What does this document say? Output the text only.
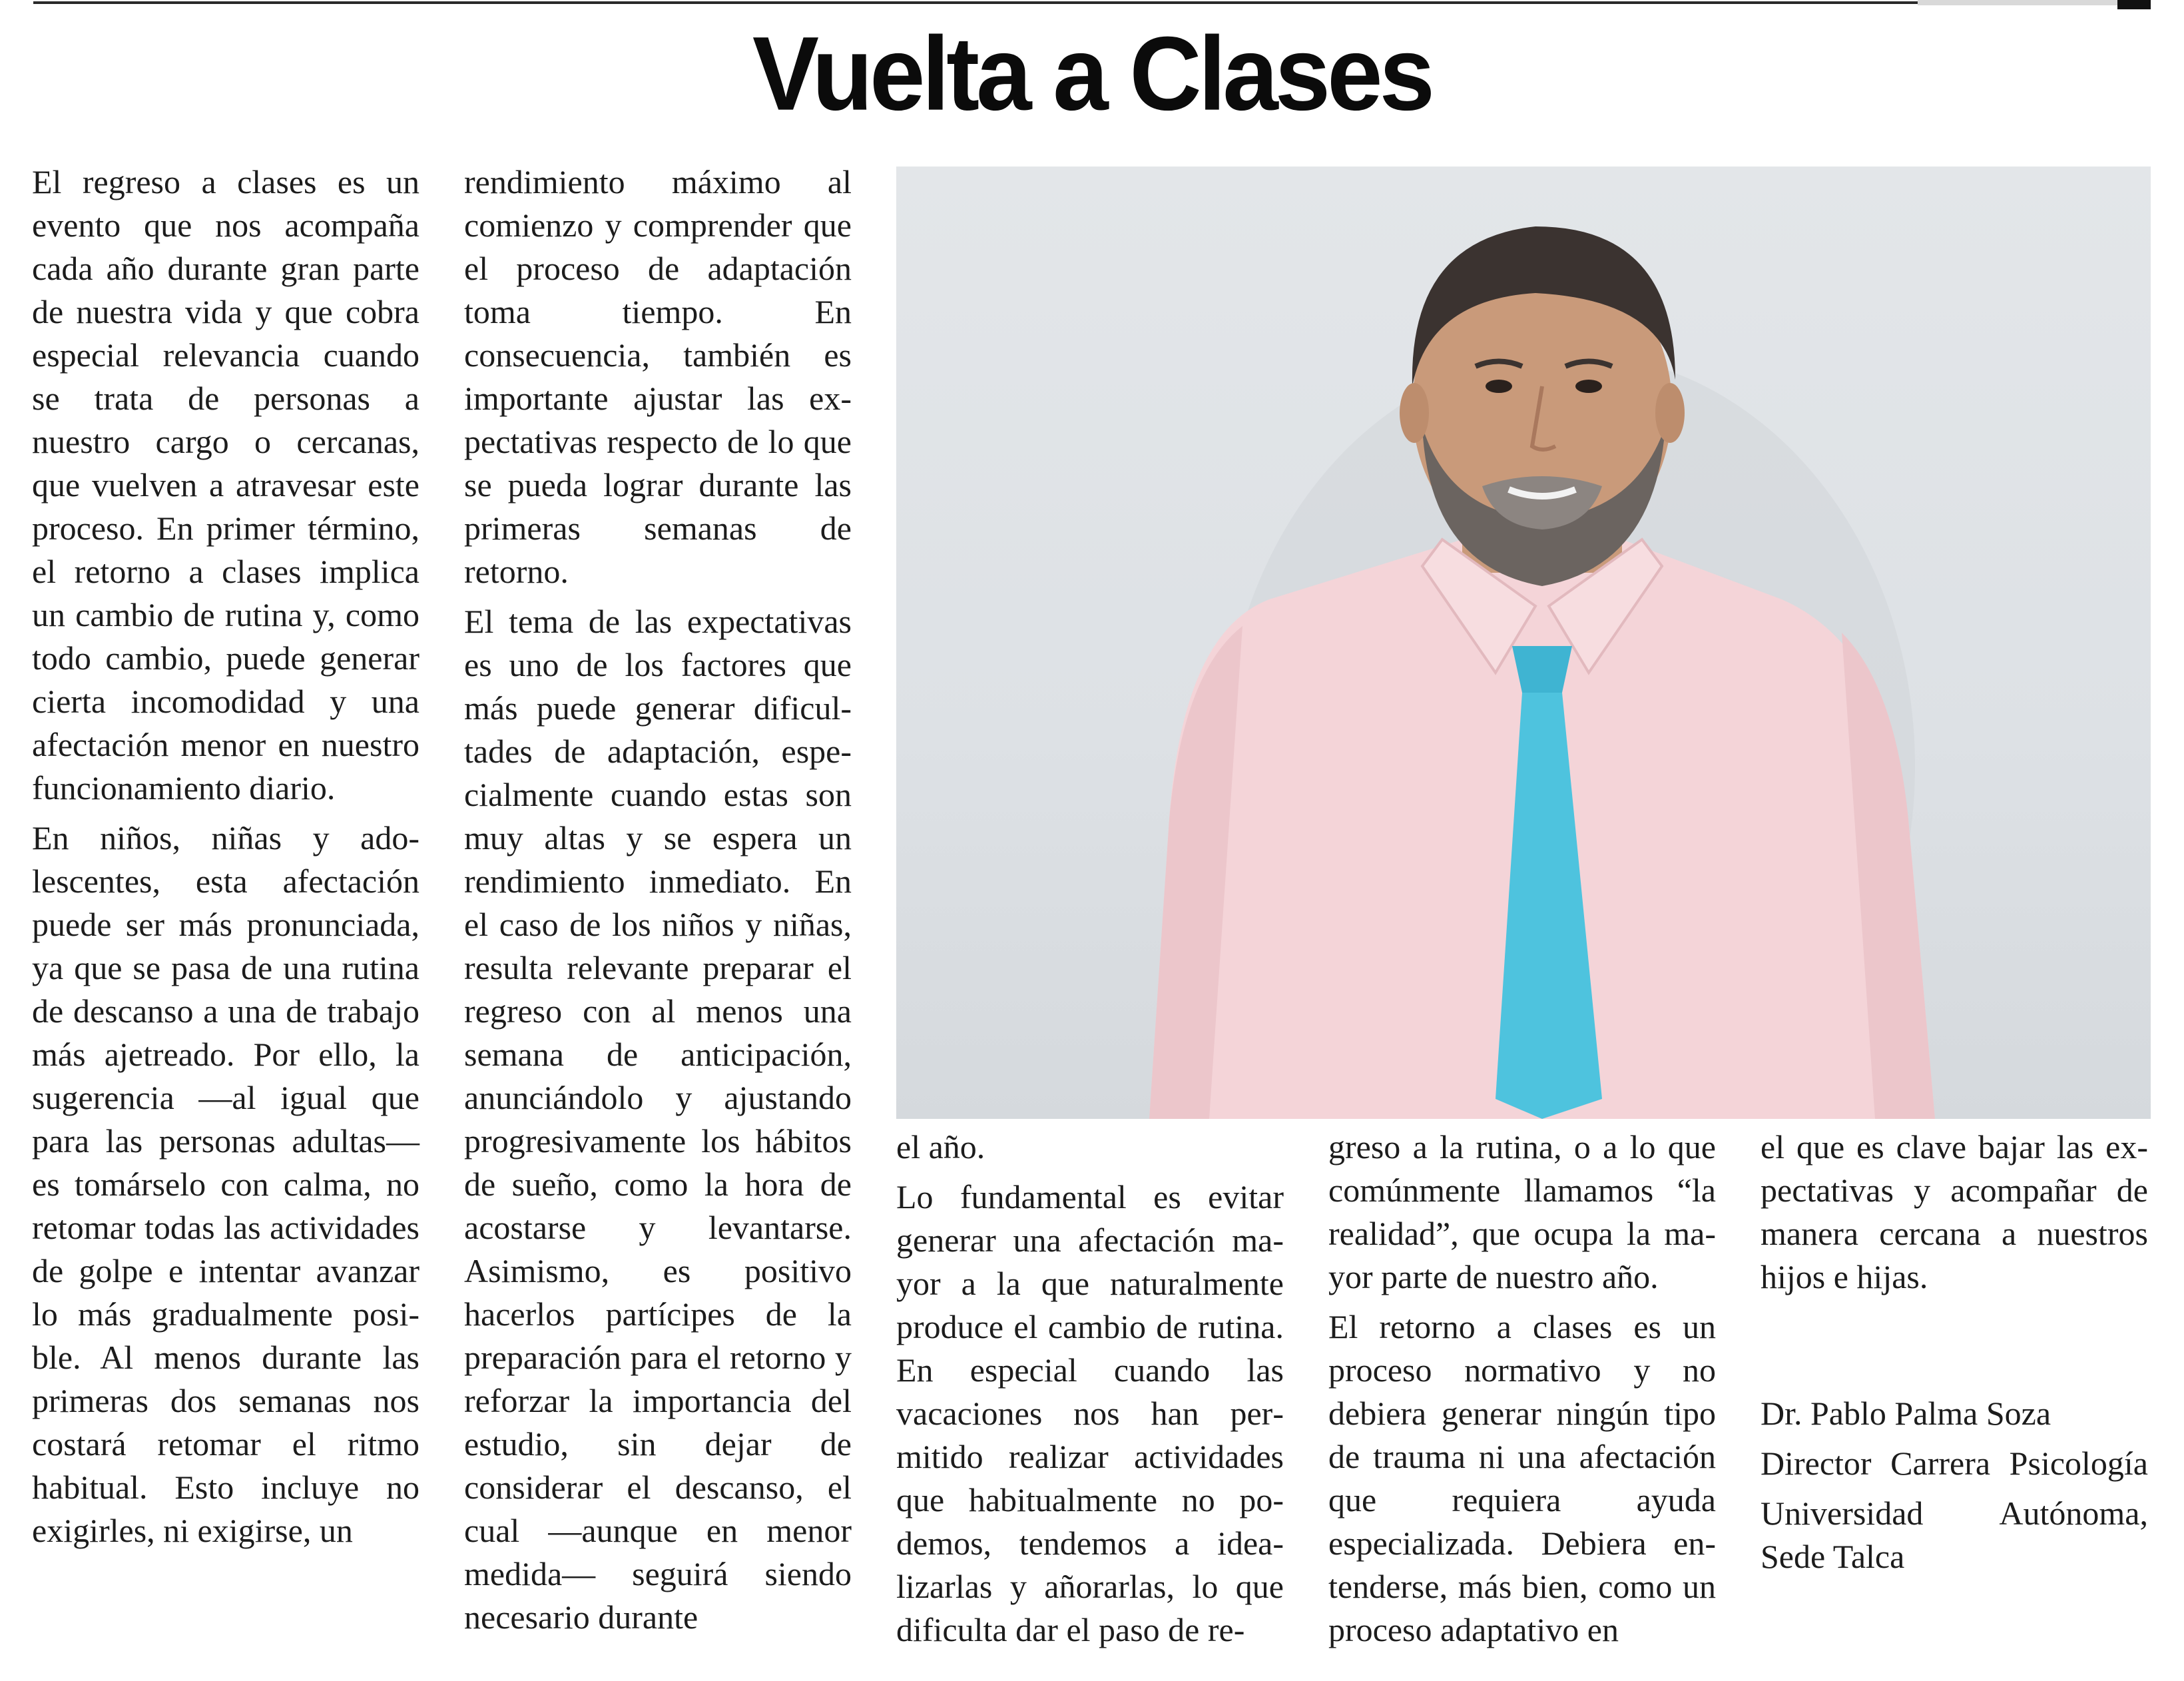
Vuelta a Clases

El regreso a clases es un evento que nos acompaña cada año durante gran parte de nuestra vida y que cobra especial relevancia cuando se trata de personas a nuestro cargo o cercanas, que vuelven a atravesar este proceso. En primer término, el retorno a clases implica un cambio de rutina y, como todo cambio, puede generar cierta incomodidad y una afectación menor en nuestro funcionamiento diario.

En niños, niñas y adolescentes, esta afectación puede ser más pronunciada, ya que se pasa de una rutina de descanso a una de trabajo más ajetreado. Por ello, la sugerencia —al igual que para las personas adultas— es tomárselo con calma, no retomar todas las actividades de golpe e intentar avanzar lo más gradualmente posible. Al menos durante las primeras dos semanas nos costará retomar el ritmo habitual. Esto incluye no exigirles, ni exigirse, un

rendimiento máximo al comienzo y comprender que el proceso de adaptación toma tiempo. En consecuencia, también es importante ajustar las expectativas respecto de lo que se pueda lograr durante las primeras semanas de retorno.

El tema de las expectativas es uno de los factores que más puede generar dificultades de adaptación, especialmente cuando estas son muy altas y se espera un rendimiento inmediato. En el caso de los niños y niñas, resulta relevante preparar el regreso con al menos una semana de anticipación, anunciándolo y ajustando progresivamente los hábitos de sueño, como la hora de acostarse y levantarse. Asimismo, es positivo hacerlos partícipes de la preparación para el retorno y reforzar la importancia del estudio, sin dejar de considerar el descanso, el cual —aunque en menor medida— seguirá siendo necesario durante

el año.

Lo fundamental es evitar generar una afectación mayor a la que naturalmente produce el cambio de rutina. En especial cuando las vacaciones nos han permitido realizar actividades que habitualmente no podemos, tendemos a idealizarlas y añorarlas, lo que dificulta dar el paso de re-

greso a la rutina, o a lo que comúnmente llamamos “la realidad”, que ocupa la mayor parte de nuestro año.

El retorno a clases es un proceso normativo y no debiera generar ningún tipo de trauma ni una afectación que requiera ayuda especializada. Debiera entenderse, más bien, como un proceso adaptativo en

el que es clave bajar las expectativas y acompañar de manera cercana a nuestros hijos e hijas.

Dr. Pablo Palma Soza

Director Carrera Psicología

Universidad Autónoma,

Sede Talca
